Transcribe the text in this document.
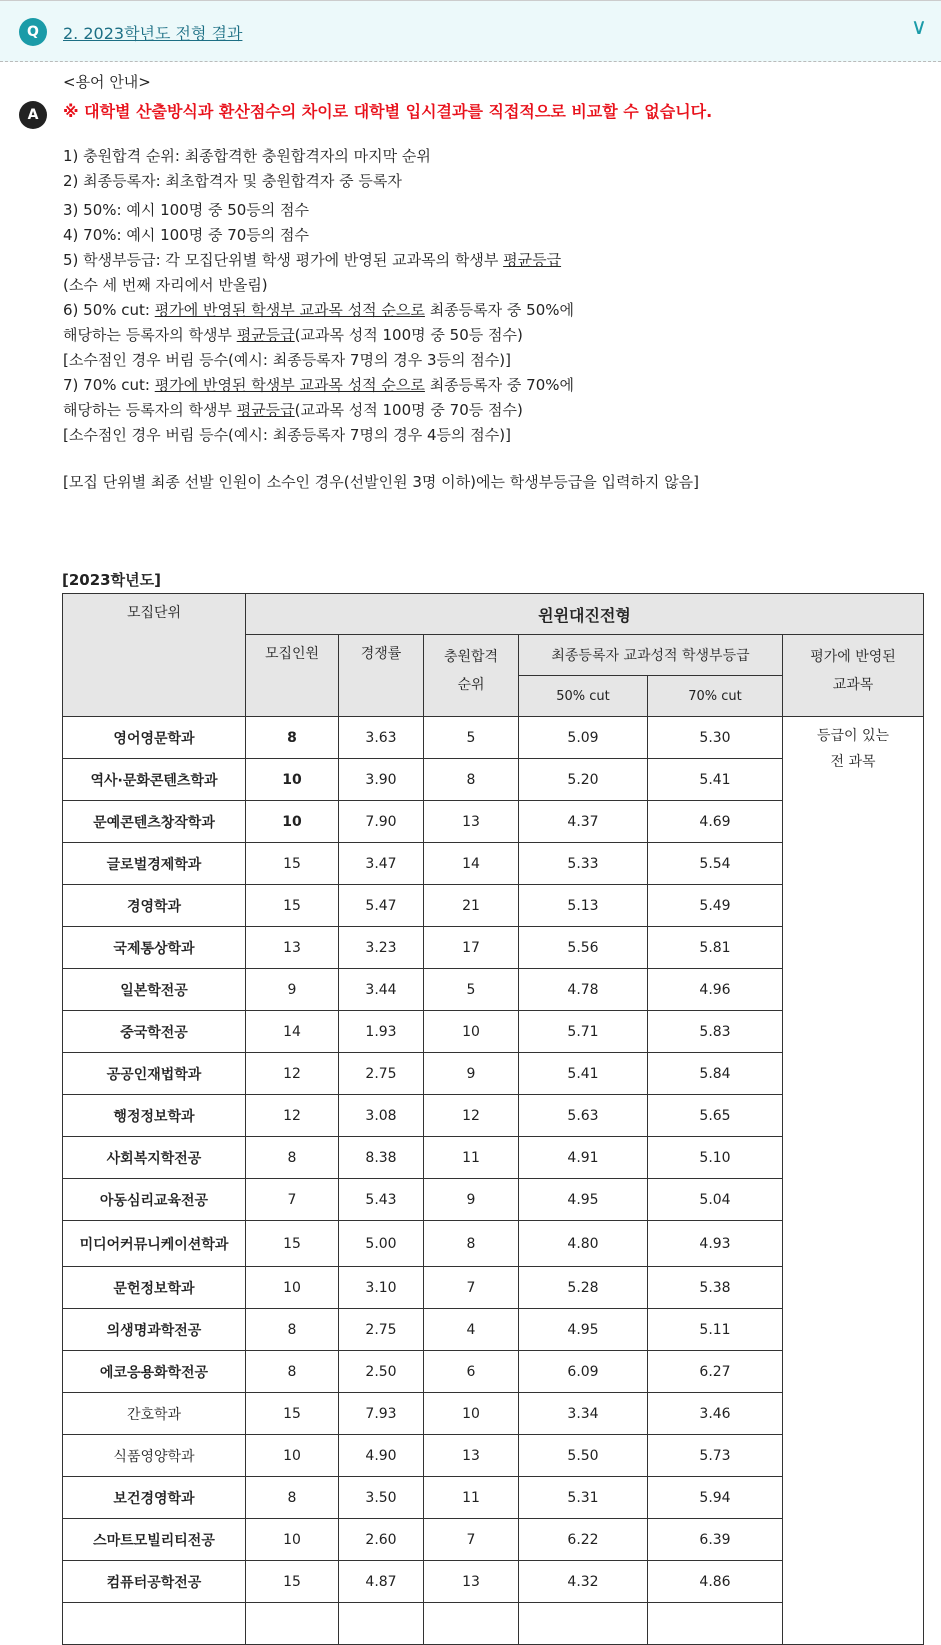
Q	2. 2023학년도 전형 결과	∨
A
<용어 안내>
※ 대학별 산출방식과 환산점수의 차이로 대학별 입시결과를 직접적으로 비교할 수 없습니다.
1) 충원합격 순위: 최종합격한 충원합격자의 마지막 순위
2) 최종등록자: 최초합격자 및 충원합격자 중 등록자
3) 50%: 예시 100명 중 50등의 점수
4) 70%: 예시 100명 중 70등의 점수
5) 학생부등급: 각 모집단위별 학생 평가에 반영된 교과목의 학생부 평균등급
(소수 세 번째 자리에서 반올림)
6) 50% cut: 평가에 반영된 학생부 교과목 성적 순으로 최종등록자 중 50%에
해당하는 등록자의 학생부 평균등급(교과목 성적 100명 중 50등 점수)
[소수점인 경우 버림 등수(예시: 최종등록자 7명의 경우 3등의 점수)]
7) 70% cut: 평가에 반영된 학생부 교과목 성적 순으로 최종등록자 중 70%에
해당하는 등록자의 학생부 평균등급(교과목 성적 100명 중 70등 점수)
[소수점인 경우 버림 등수(예시: 최종등록자 7명의 경우 4등의 점수)]
[모집 단위별 최종 선발 인원이 소수인 경우(선발인원 3명 이하)에는 학생부등급을 입력하지 않음]
[2023학년도]
모집단위	윈윈대진전형					
	모집인원	경쟁률	충원합격
순위	최종등록자 교과성적 학생부등급		평가에 반영된
교과목
				50% cut	70% cut	
영어영문학과	8	3.63	5	5.09	5.30	등급이 있는
전 과목
역사·문화콘텐츠학과	10	3.90	8	5.20	5.41	
문예콘텐츠창작학과	10	7.90	13	4.37	4.69	
글로벌경제학과	15	3.47	14	5.33	5.54	
경영학과	15	5.47	21	5.13	5.49	
국제통상학과	13	3.23	17	5.56	5.81	
일본학전공	9	3.44	5	4.78	4.96	
중국학전공	14	1.93	10	5.71	5.83	
공공인재법학과	12	2.75	9	5.41	5.84	
행정정보학과	12	3.08	12	5.63	5.65	
사회복지학전공	8	8.38	11	4.91	5.10	
아동심리교육전공	7	5.43	9	4.95	5.04	
미디어커뮤니케이션학과	15	5.00	8	4.80	4.93	
문헌정보학과	10	3.10	7	5.28	5.38	
의생명과학전공	8	2.75	4	4.95	5.11	
에코응용화학전공	8	2.50	6	6.09	6.27	
간호학과	15	7.93	10	3.34	3.46	
식품영양학과	10	4.90	13	5.50	5.73	
보건경영학과	8	3.50	11	5.31	5.94	
스마트모빌리티전공	10	2.60	7	6.22	6.39	
컴퓨터공학전공	15	4.87	13	4.32	4.86	
